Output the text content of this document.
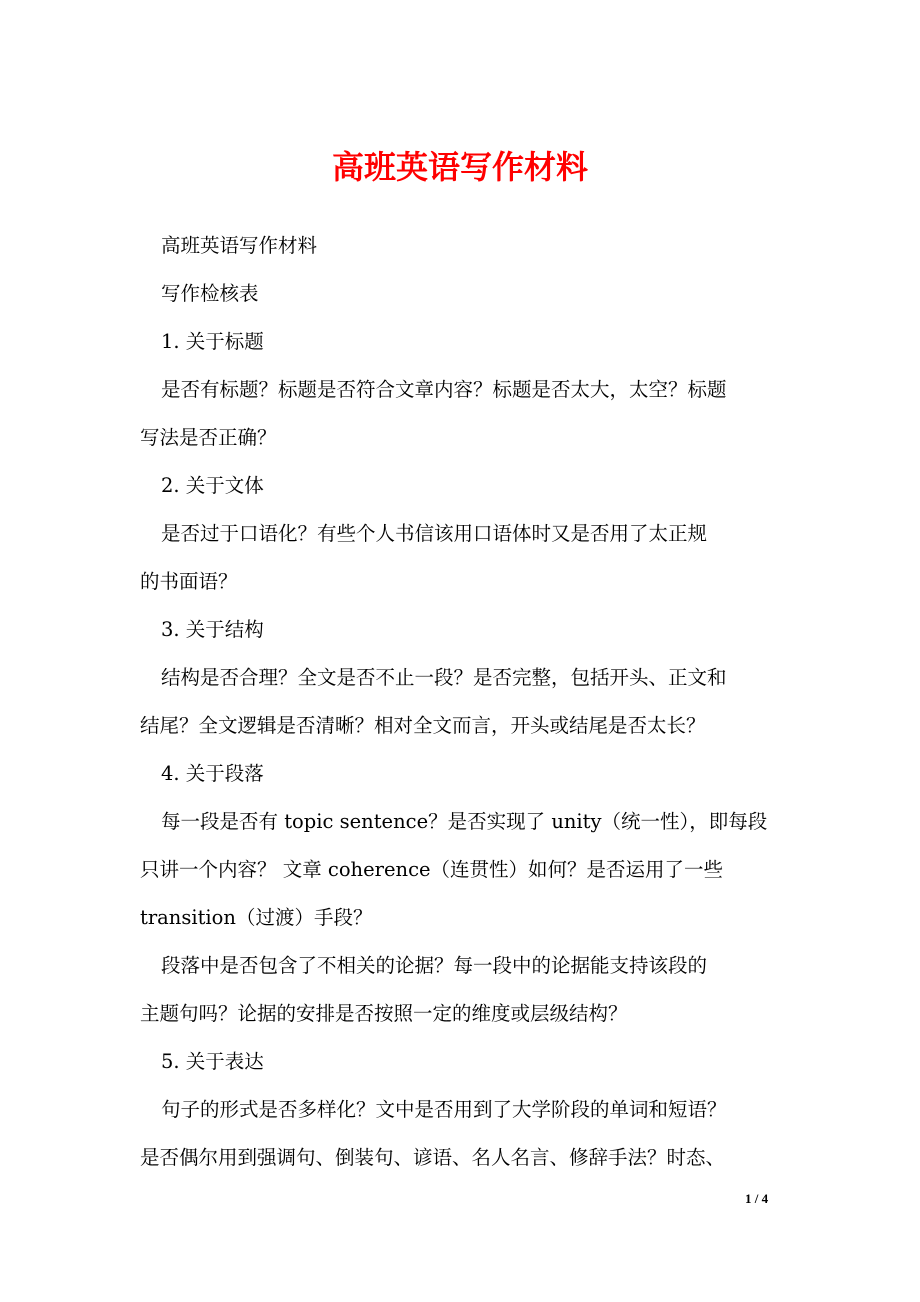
高班英语写作材料
高班英语写作材料
写作检核表
1. 关于标题
是否有标题？标题是否符合文章内容？标题是否太大，太空？标题
写法是否正确？
2. 关于文体
是否过于口语化？有些个人书信该用口语体时又是否用了太正规
的书面语？
3. 关于结构
结构是否合理？全文是否不止一段？是否完整，包括开头、正文和
结尾？全文逻辑是否清晰？相对全文而言，开头或结尾是否太长？
4. 关于段落
每一段是否有 topic sentence？是否实现了 unity（统一性），即每段
只讲一个内容？ 文章 coherence（连贯性）如何？是否运用了一些
transition（过渡）手段？
段落中是否包含了不相关的论据？每一段中的论据能支持该段的
主题句吗？论据的安排是否按照一定的维度或层级结构？
5. 关于表达
句子的形式是否多样化？文中是否用到了大学阶段的单词和短语？
是否偶尔用到强调句、倒装句、谚语、名人名言、修辞手法？时态、
1 / 4
